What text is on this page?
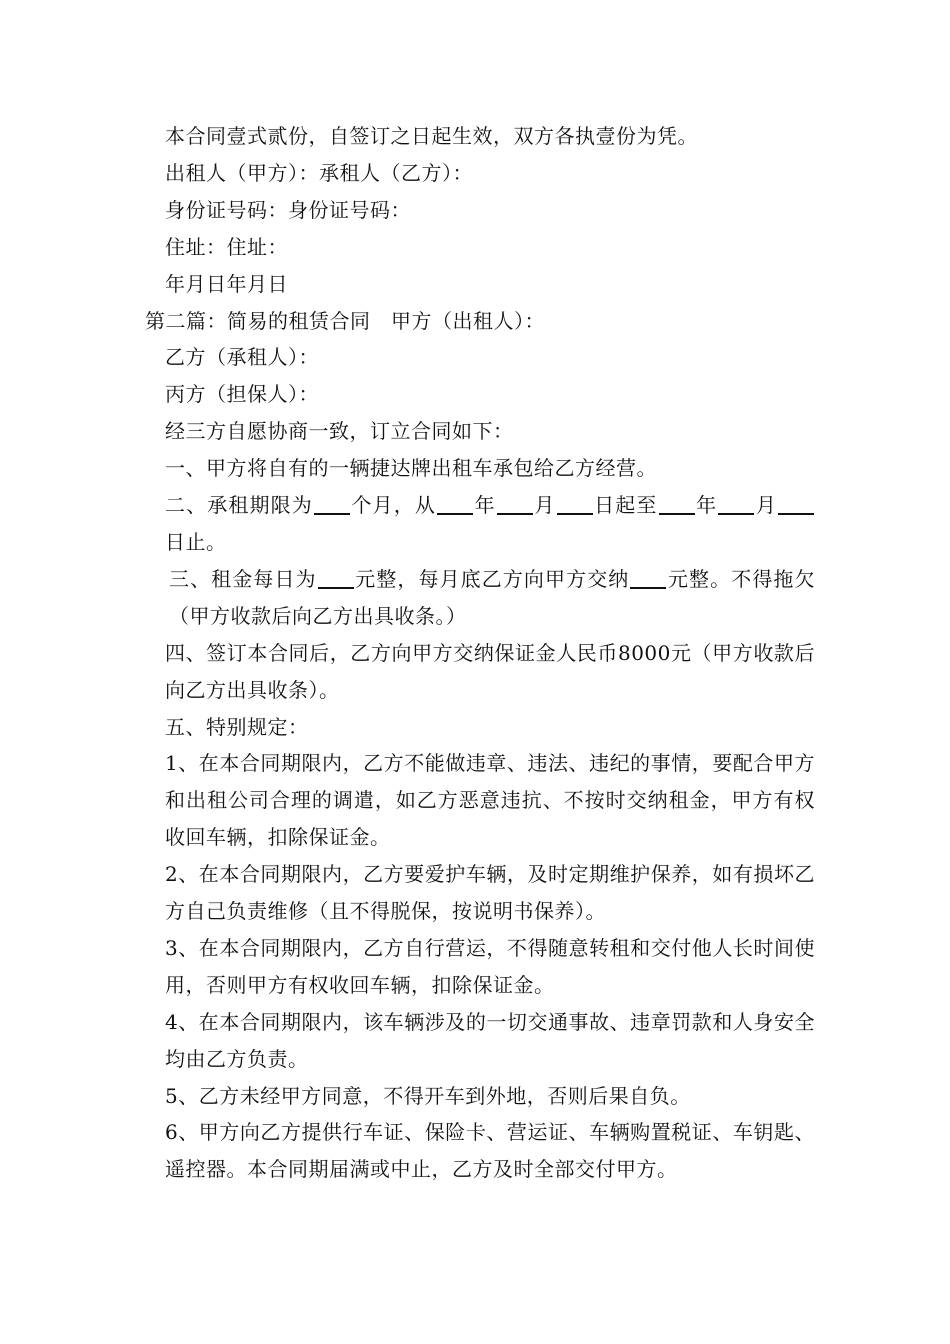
本合同壹式贰份，自签订之日起生效，双方各执壹份为凭。

出租人（甲方）：承租人（乙方）：

身份证号码：身份证号码：

住址：住址：

年月日年月日

第二篇：简易的租赁合同　甲方（出租人）：

乙方（承租人）：

丙方（担保人）：

经三方自愿协商一致，订立合同如下：

一、甲方将自有的一辆捷达牌出租车承包给乙方经营。

二、承租期限为 个月，从 年 月 日起至 年 月日止。

三、租金每日为 元整，每月底乙方向甲方交纳 元整。不得拖欠（甲方收款后向乙方出具收条。）

四、签订本合同后，乙方向甲方交纳保证金人民币8000元（甲方收款后向乙方出具收条）。

五、特别规定：

1、在本合同期限内，乙方不能做违章、违法、违纪的事情，要配合甲方和出租公司合理的调遣，如乙方恶意违抗、不按时交纳租金，甲方有权收回车辆，扣除保证金。

2、在本合同期限内，乙方要爱护车辆，及时定期维护保养，如有损坏乙方自己负责维修（且不得脱保，按说明书保养）。

3、在本合同期限内，乙方自行营运，不得随意转租和交付他人长时间使用，否则甲方有权收回车辆，扣除保证金。

4、在本合同期限内，该车辆涉及的一切交通事故、违章罚款和人身安全均由乙方负责。

5、乙方未经甲方同意，不得开车到外地，否则后果自负。

6、甲方向乙方提供行车证、保险卡、营运证、车辆购置税证、车钥匙、遥控器。本合同期届满或中止，乙方及时全部交付甲方。
